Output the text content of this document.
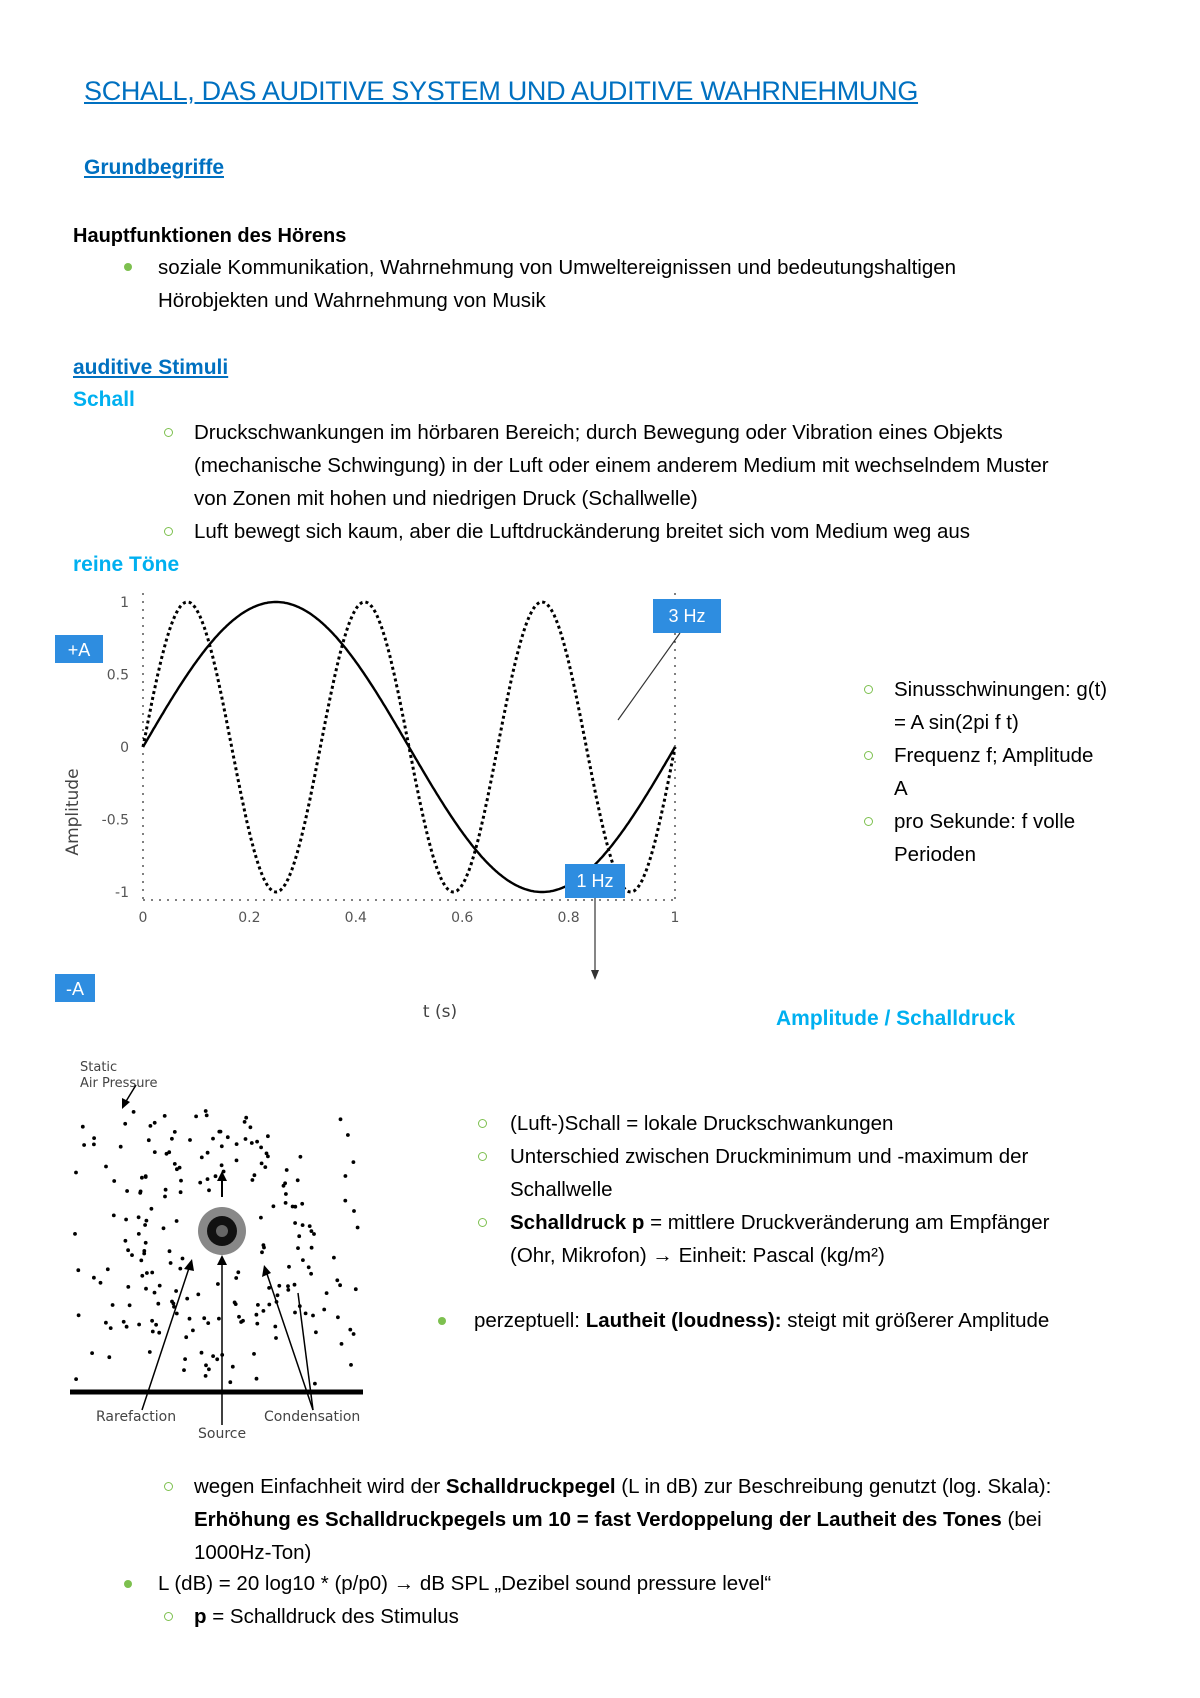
SCHALL, DAS AUDITIVE SYSTEM UND AUDITIVE WAHRNEHMUNG
Grundbegriffe
Hauptfunktionen des Hörens
soziale Kommunikation, Wahrnehmung von Umweltereignissen und bedeutungshaltigen
Hörobjekten und Wahrnehmung von Musik
auditive Stimuli
Schall
Druckschwankungen im hörbaren Bereich; durch Bewegung oder Vibration eines Objekts
(mechanische Schwingung) in der Luft oder einem anderem Medium mit wechselndem Muster
von Zonen mit hohen und niedrigen Druck (Schallwelle)
Luft bewegt sich kaum, aber die Luftdruckänderung breitet sich vom Medium weg aus
reine Töne
1
0.5
0
-0.5
-1
0	0.2	0.4	0.6	0.8	1
Amplitude
t (s)
+A
-A
3 Hz
1 Hz
Sinusschwinungen: g(t)
= A sin(2pi f t)
Frequenz f; Amplitude
A
pro Sekunde: f volle
Perioden
Amplitude / Schalldruck
Static
Air Pressure
Rarefaction
Source
Condensation
(Luft-)Schall = lokale Druckschwankungen
Unterschied zwischen Druckminimum und -maximum der
Schallwelle
Schalldruck p = mittlere Druckveränderung am Empfänger
(Ohr, Mikrofon) → Einheit: Pascal (kg/m²)
perzeptuell: Lautheit (loudness): steigt mit größerer Amplitude
wegen Einfachheit wird der Schalldruckpegel (L in dB) zur Beschreibung genutzt (log. Skala):
Erhöhung es Schalldruckpegels um 10 = fast Verdoppelung der Lautheit des Tones (bei
1000Hz-Ton)
L (dB) = 20 log10 * (p/p0) → dB SPL „Dezibel sound pressure level“
p = Schalldruck des Stimulus
